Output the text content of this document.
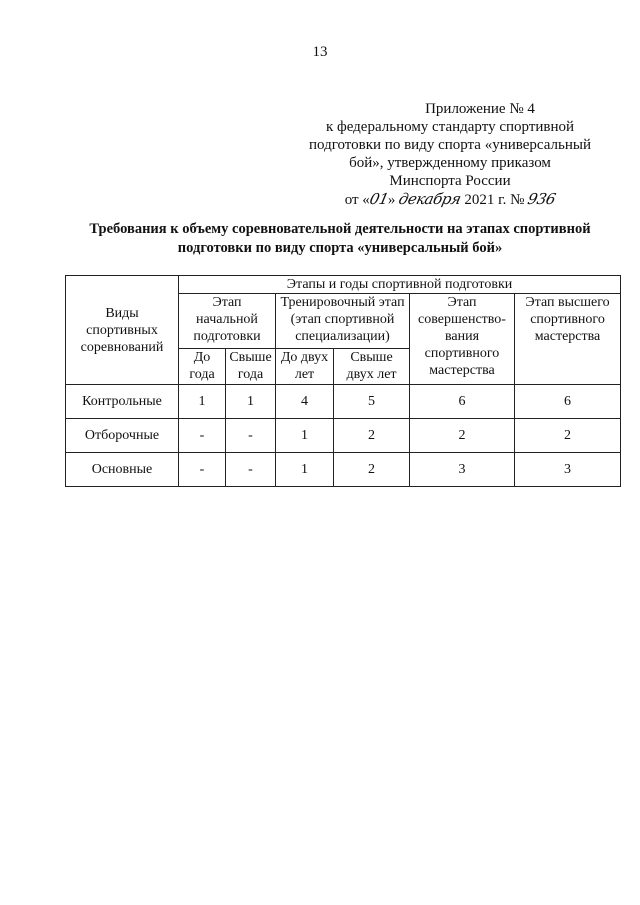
13
Приложение № 4
к федеральному стандарту спортивной
подготовки по виду спорта «универсальный
бой», утвержденному приказом
Минспорта России
от «01» декабря 2021 г. № 936
Требования к объему соревновательной деятельности на этапах спортивной подготовки по виду спорта «универсальный бой»
Виды спортивных соревнований	Этапы и годы спортивной подготовки					
	Этап начальной подготовки		Тренировочный этап (этап спортивной специализации)		Этап совершенство- вания спортивного мастерства	Этап высшего спортивного мастерства
	До года	Свыше года	До двух лет	Свыше двух лет		
Контрольные	1	1	4	5	6	6
Отборочные	-	-	1	2	2	2
Основные	-	-	1	2	3	3
